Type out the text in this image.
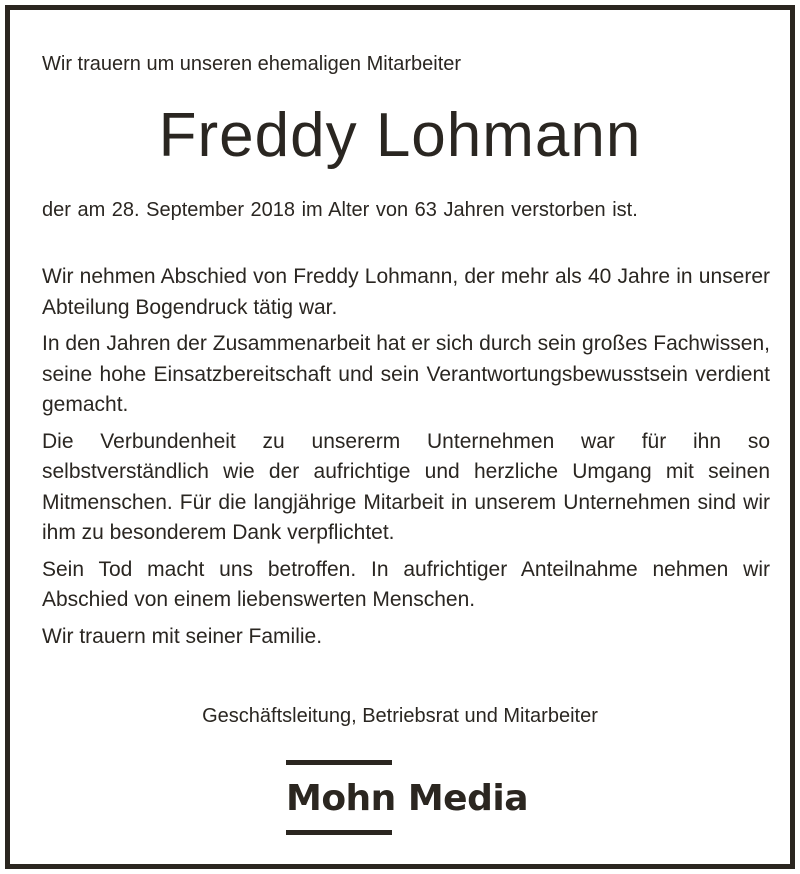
Wir trauern um unseren ehemaligen Mitarbeiter
Freddy Lohmann
der am 28. September 2018 im Alter von 63 Jahren verstorben ist.

Wir nehmen Abschied von Freddy Lohmann, der mehr als 40 Jahre in unserer Abteilung Bogendruck tätig war.

In den Jahren der Zusammenarbeit hat er sich durch sein großes Fachwissen, seine hohe Einsatzbereitschaft und sein Verantwortungsbewusstsein verdient gemacht.

Die Verbundenheit zu unsererm Unternehmen war für ihn so selbstverständlich wie der aufrichtige und herzliche Umgang mit seinen Mitmenschen. Für die langjährige Mitarbeit in unserem Unternehmen sind wir ihm zu besonderem Dank verpflichtet.

Sein Tod macht uns betroffen. In aufrichtiger Anteilnahme nehmen wir Abschied von einem liebenswerten Menschen.

Wir trauern mit seiner Familie.

Geschäftsleitung, Betriebsrat und Mitarbeiter
Mohn Media
